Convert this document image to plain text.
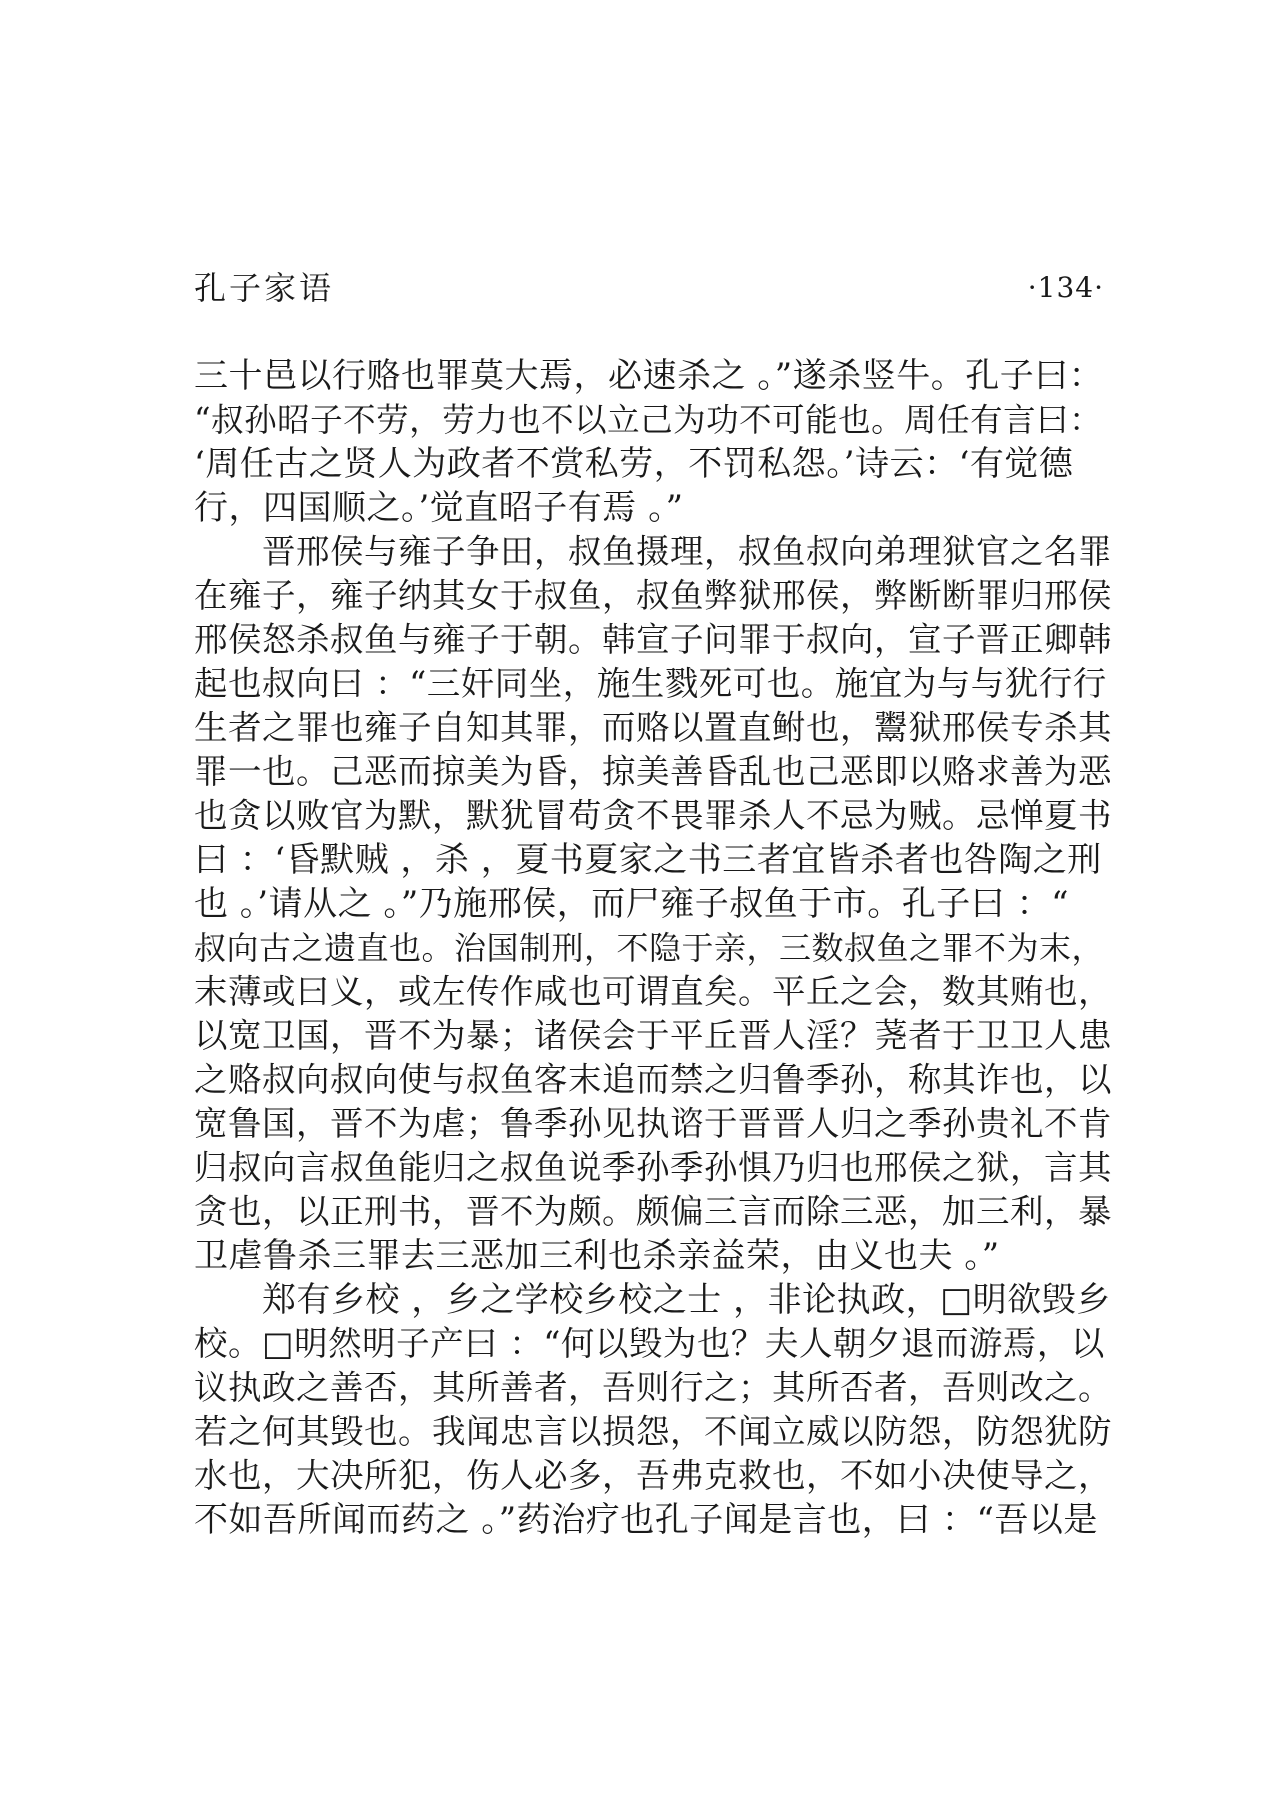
孔子家语	·134·
三十邑以行赂也罪莫大焉，必速杀之 。”遂杀竖牛。孔子曰：
“叔孙昭子不劳，劳力也不以立己为功不可能也。周任有言曰：
‘周任古之贤人为政者不赏私劳，不罚私怨。’诗云：‘有觉德
行，四国顺之。’觉直昭子有焉 。”
晋邢侯与雍子争田，叔鱼摄理，叔鱼叔向弟理狱官之名罪
在雍子，雍子纳其女于叔鱼，叔鱼弊狱邢侯，弊断断罪归邢侯
邢侯怒杀叔鱼与雍子于朝。韩宣子问罪于叔向，宣子晋正卿韩
起也叔向曰 ：“三奸同坐，施生戮死可也。施宜为与与犹行行
生者之罪也雍子自知其罪，而赂以置直鲋也，鬻狱邢侯专杀其
罪一也。己恶而掠美为昏，掠美善昏乱也己恶即以赂求善为恶
也贪以败官为默，默犹冒苟贪不畏罪杀人不忌为贼。忌惮夏书
曰 ：‘昏默贼 ，杀 ，夏书夏家之书三者宜皆杀者也咎陶之刑
也 。’请从之 。”乃施邢侯，而尸雍子叔鱼于市。孔子曰 ：“
叔向古之遗直也。治国制刑，不隐于亲，三数叔鱼之罪不为末，
末薄或曰义，或左传作咸也可谓直矣。平丘之会，数其贿也，
以宽卫国，晋不为暴；诸侯会于平丘晋人淫？荛者于卫卫人患
之赂叔向叔向使与叔鱼客末追而禁之归鲁季孙，称其诈也，以
宽鲁国，晋不为虐；鲁季孙见执谘于晋晋人归之季孙贵礼不肯
归叔向言叔鱼能归之叔鱼说季孙季孙惧乃归也邢侯之狱，言其
贪也，以正刑书，晋不为颇。颇偏三言而除三恶，加三利，暴
卫虐鲁杀三罪去三恶加三利也杀亲益荣，由义也夫 。”
郑有乡校 ，乡之学校乡校之士 ，非论执政，□明欲毁乡
校。□明然明子产曰 ：“何以毁为也？夫人朝夕退而游焉，以
议执政之善否，其所善者，吾则行之；其所否者，吾则改之。
若之何其毁也。我闻忠言以损怨，不闻立威以防怨，防怨犹防
水也，大决所犯，伤人必多，吾弗克救也，不如小决使导之，
不如吾所闻而药之 。”药治疗也孔子闻是言也，曰 ：“吾以是
